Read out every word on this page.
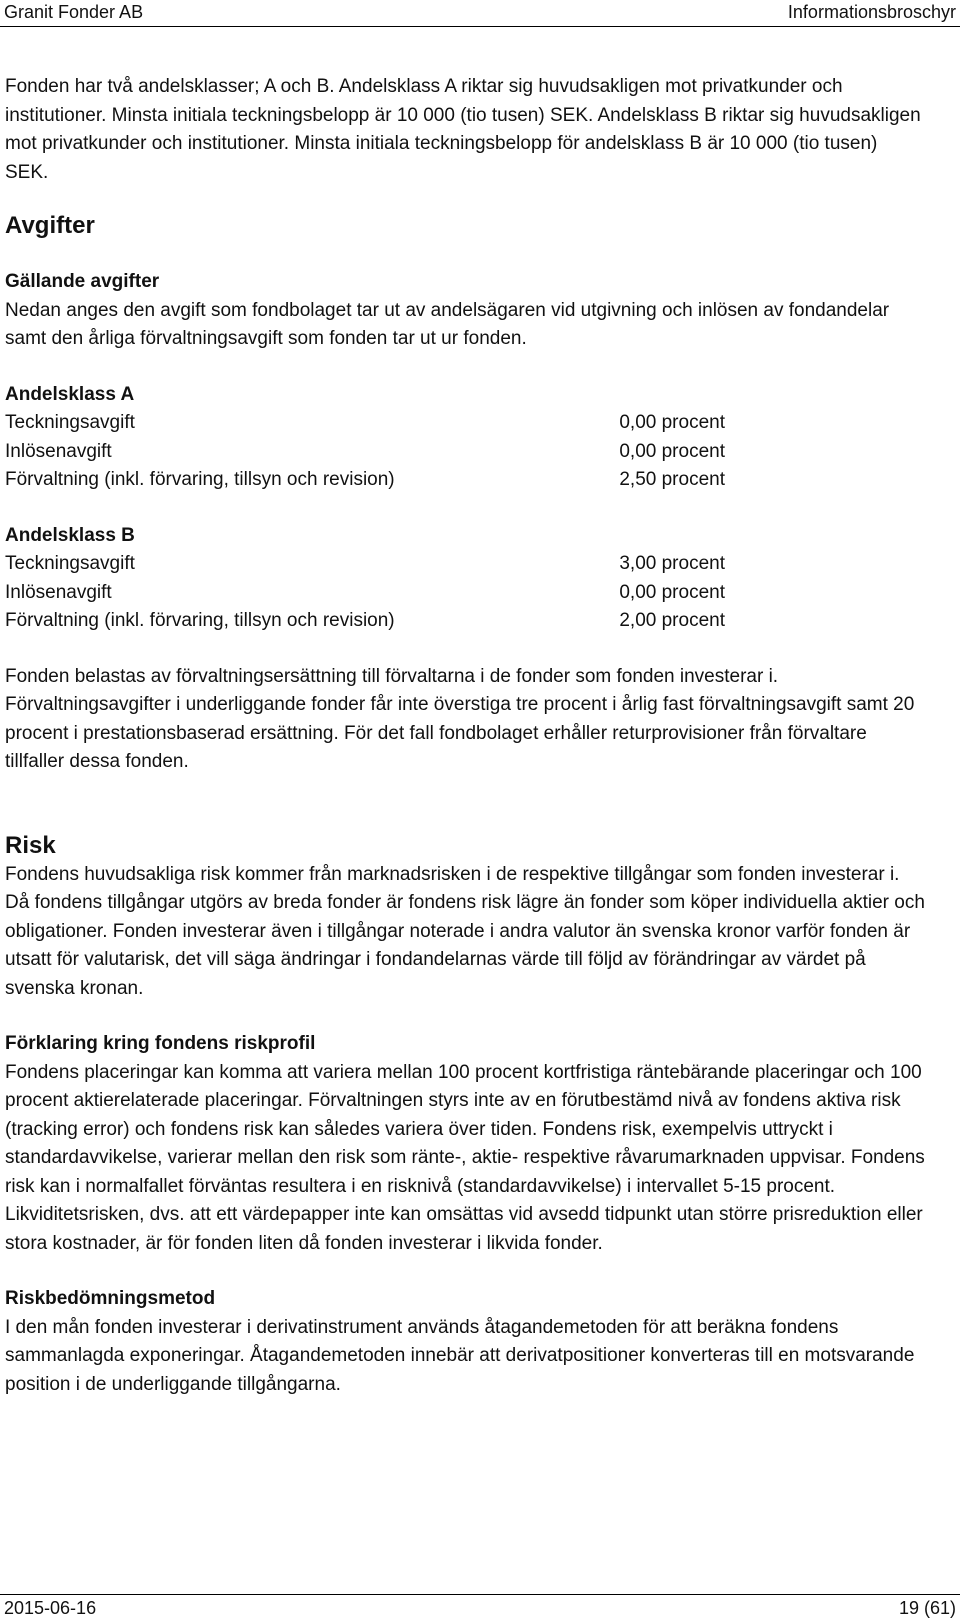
Granit Fonder AB	Informationsbroschyr

Fonden har två andelsklasser; A och B. Andelsklass A riktar sig huvudsakligen mot privatkunder och institutioner. Minsta initiala teckningsbelopp är 10 000 (tio tusen) SEK. Andelsklass B riktar sig huvudsakligen mot privatkunder och institutioner. Minsta initiala teckningsbelopp för andelsklass B är 10 000 (tio tusen) SEK.

Avgifter
Gällande avgifter

Nedan anges den avgift som fondbolaget tar ut av andelsägaren vid utgivning och inlösen av fondandelar samt den årliga förvaltningsavgift som fonden tar ut ur fonden.

Andelsklass A
Teckningsavgift	0,00 procent
Inlösenavgift	0,00 procent
Förvaltning (inkl. förvaring, tillsyn och revision)	2,50 procent
Andelsklass B
Teckningsavgift	3,00 procent
Inlösenavgift	0,00 procent
Förvaltning (inkl. förvaring, tillsyn och revision)	2,00 procent

Fonden belastas av förvaltningsersättning till förvaltarna i de fonder som fonden investerar i. Förvaltningsavgifter i underliggande fonder får inte överstiga tre procent i årlig fast förvaltningsavgift samt 20 procent i prestationsbaserad ersättning. För det fall fondbolaget erhåller returprovisioner från förvaltare tillfaller dessa fonden.

Risk

Fondens huvudsakliga risk kommer från marknadsrisken i de respektive tillgångar som fonden investerar i. Då fondens tillgångar utgörs av breda fonder är fondens risk lägre än fonder som köper individuella aktier och obligationer. Fonden investerar även i tillgångar noterade i andra valutor än svenska kronor varför fonden är utsatt för valutarisk, det vill säga ändringar i fondandelarnas värde till följd av förändringar av värdet på svenska kronan.

Förklaring kring fondens riskprofil

Fondens placeringar kan komma att variera mellan 100 procent kortfristiga räntebärande placeringar och 100 procent aktierelaterade placeringar. Förvaltningen styrs inte av en förutbestämd nivå av fondens aktiva risk (tracking error) och fondens risk kan således variera över tiden. Fondens risk, exempelvis uttryckt i standardavvikelse, varierar mellan den risk som ränte-, aktie- respektive råvarumarknaden uppvisar. Fondens risk kan i normalfallet förväntas resultera i en risknivå (standardavvikelse) i intervallet 5-15 procent. Likviditetsrisken, dvs. att ett värdepapper inte kan omsättas vid avsedd tidpunkt utan större prisreduktion eller stora kostnader, är för fonden liten då fonden investerar i likvida fonder.

Riskbedömningsmetod

I den mån fonden investerar i derivatinstrument används åtagandemetoden för att beräkna fondens sammanlagda exponeringar. Åtagandemetoden innebär att derivatpositioner konverteras till en motsvarande position i de underliggande tillgångarna.

2015-06-16	19 (61)
